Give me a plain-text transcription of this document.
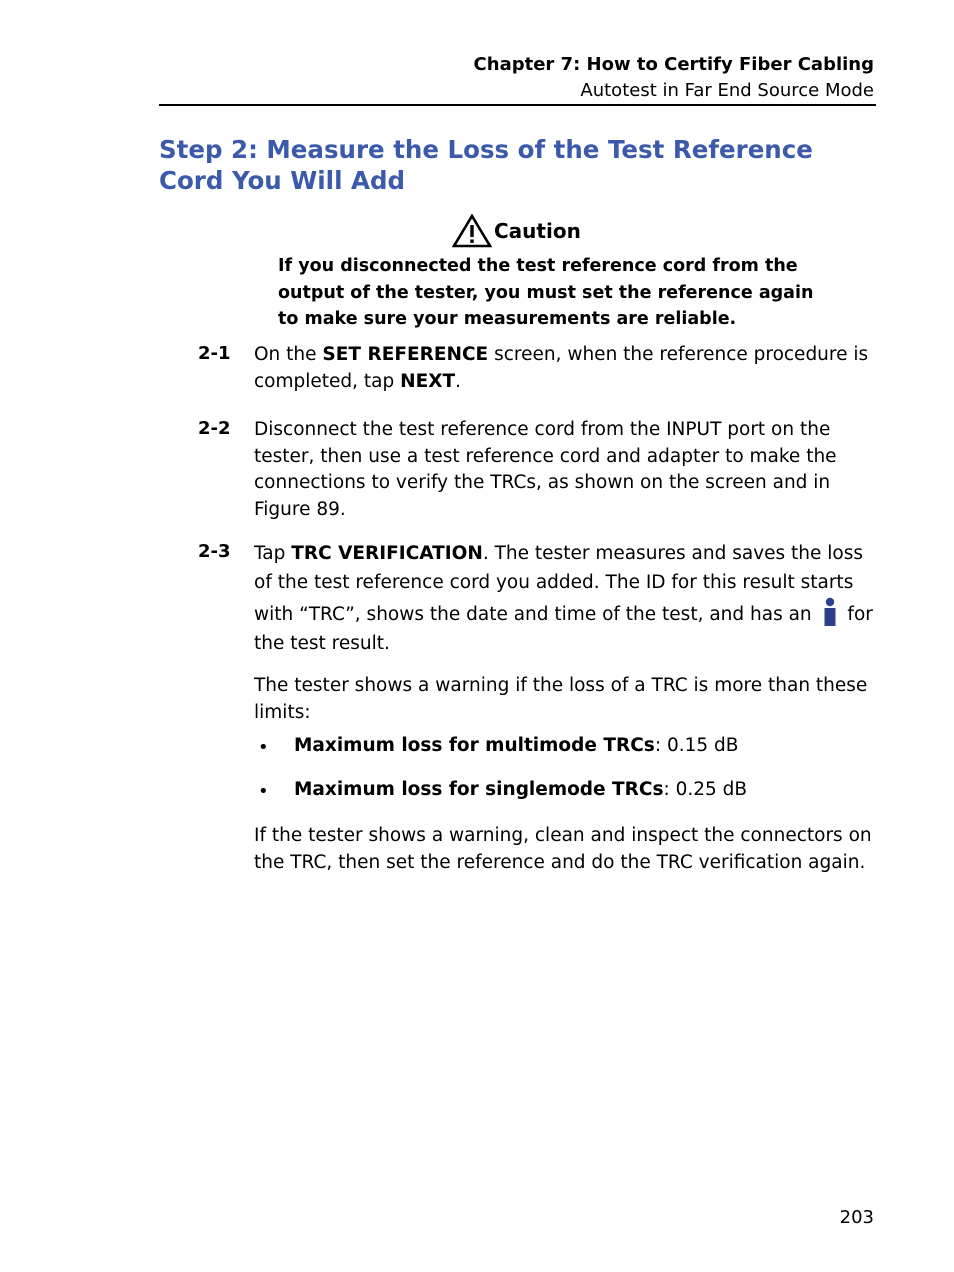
Chapter 7: How to Certify Fiber Cabling
Autotest in Far End Source Mode
Step 2: Measure the Loss of the Test Reference Cord You Will Add
Caution

If you disconnected the test reference cord from the output of the tester, you must set the reference again to make sure your measurements are reliable.

2-1 On the SET REFERENCE screen, when the reference procedure is completed, tap NEXT.

2-2 Disconnect the test reference cord from the INPUT port on the tester, then use a test reference cord and adapter to make the connections to verify the TRCs, as shown on the screen and in Figure 89.

2-3 Tap TRC VERIFICATION. The tester measures and saves the loss of the test reference cord you added. The ID for this result starts with “TRC”, shows the date and time of the test, and has an
for the test result.

The tester shows a warning if the loss of a TRC is more than these limits:

• Maximum loss for multimode TRCs: 0.15 dB
• Maximum loss for singlemode TRCs: 0.25 dB

If the tester shows a warning, clean and inspect the connectors on the TRC, then set the reference and do the TRC verification again.

203
